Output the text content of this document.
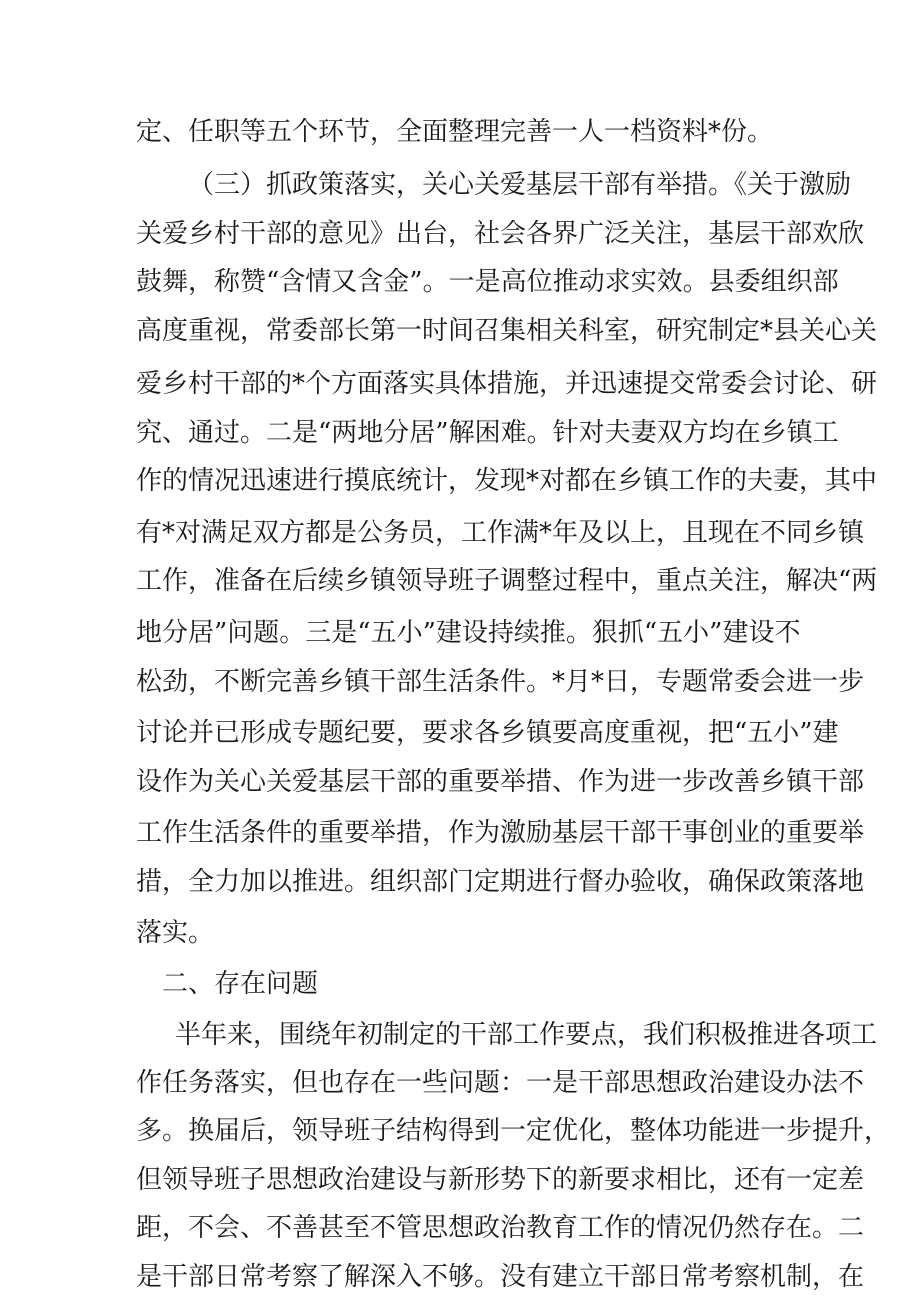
定、任职等五个环节，全面整理完善一人一档资料*份。
（三）抓政策落实，关心关爱基层干部有举措。《关于激励
关爱乡村干部的意见》出台，社会各界广泛关注，基层干部欢欣
鼓舞，称赞“含情又含金”。一是高位推动求实效。县委组织部
高度重视，常委部长第一时间召集相关科室，研究制定*县关心关
爱乡村干部的*个方面落实具体措施，并迅速提交常委会讨论、研
究、通过。二是“两地分居”解困难。针对夫妻双方均在乡镇工
作的情况迅速进行摸底统计，发现*对都在乡镇工作的夫妻，其中
有*对满足双方都是公务员，工作满*年及以上，且现在不同乡镇
工作，准备在后续乡镇领导班子调整过程中，重点关注，解决“两
地分居”问题。三是“五小”建设持续推。狠抓“五小”建设不
松劲，不断完善乡镇干部生活条件。*月*日，专题常委会进一步
讨论并已形成专题纪要，要求各乡镇要高度重视，把“五小”建
设作为关心关爱基层干部的重要举措、作为进一步改善乡镇干部
工作生活条件的重要举措，作为激励基层干部干事创业的重要举
措，全力加以推进。组织部门定期进行督办验收，确保政策落地
落实。
二、存在问题
半年来，围绕年初制定的干部工作要点，我们积极推进各项工
作任务落实，但也存在一些问题：一是干部思想政治建设办法不
多。换届后，领导班子结构得到一定优化，整体功能进一步提升，
但领导班子思想政治建设与新形势下的新要求相比，还有一定差
距，不会、不善甚至不管思想政治教育工作的情况仍然存在。二
是干部日常考察了解深入不够。没有建立干部日常考察机制，在
